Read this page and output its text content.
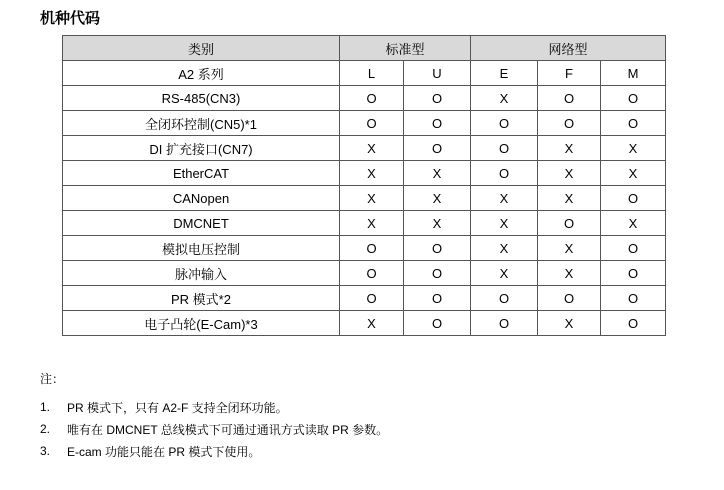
机种代码
类别	标准型		网络型		
A2 系列	L	U	E	F	M
RS-485(CN3)	O	O	X	O	O
全闭环控制(CN5)*1	O	O	O	O	O
DI 扩充接口(CN7)	X	O	O	X	X
EtherCAT	X	X	O	X	X
CANopen	X	X	X	X	O
DMCNET	X	X	X	O	X
模拟电压控制	O	O	X	X	O
脉冲输入	O	O	X	X	O
PR 模式*2	O	O	O	O	O
电子凸轮(E-Cam)*3	X	O	O	X	O
注：
1.	PR 模式下，只有 A2-F 支持全闭环功能。
2.	唯有在 DMCNET 总线模式下可通过通讯方式读取 PR 参数。
3.	E-cam 功能只能在 PR 模式下使用。
